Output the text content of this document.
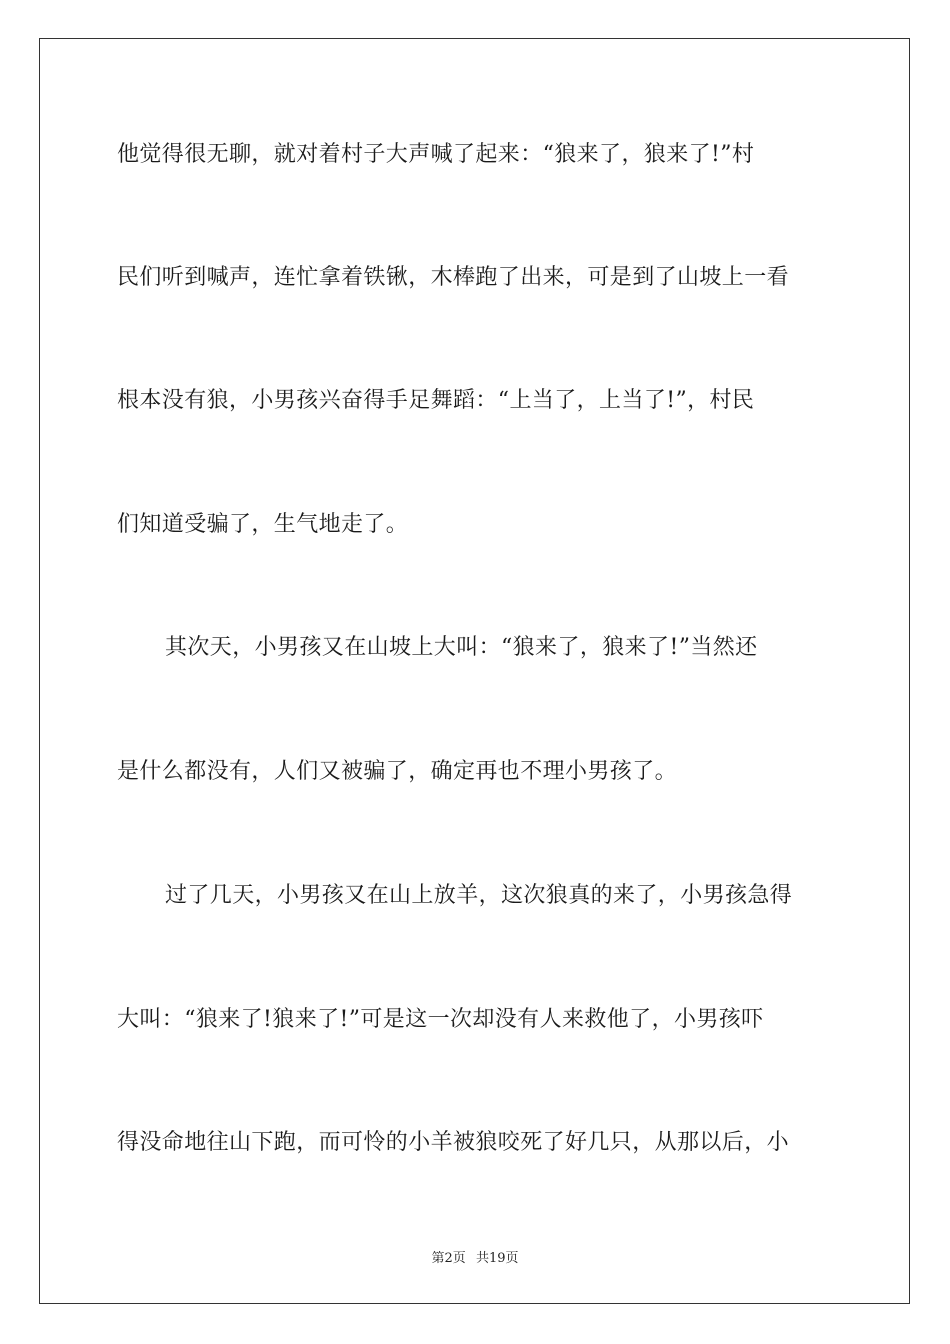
他觉得很无聊，就对着村子大声喊了起来：“狼来了，狼来了!”村
民们听到喊声，连忙拿着铁锹，木棒跑了出来，可是到了山坡上一看
根本没有狼，小男孩兴奋得手足舞蹈：“上当了，上当了!”，村民
们知道受骗了，生气地走了。
其次天，小男孩又在山坡上大叫：“狼来了，狼来了!”当然还
是什么都没有，人们又被骗了，确定再也不理小男孩了。
过了几天，小男孩又在山上放羊，这次狼真的来了，小男孩急得
大叫：“狼来了!狼来了!”可是这一次却没有人来救他了，小男孩吓
得没命地往山下跑，而可怜的小羊被狼咬死了好几只，从那以后，小
第2页 共19页
